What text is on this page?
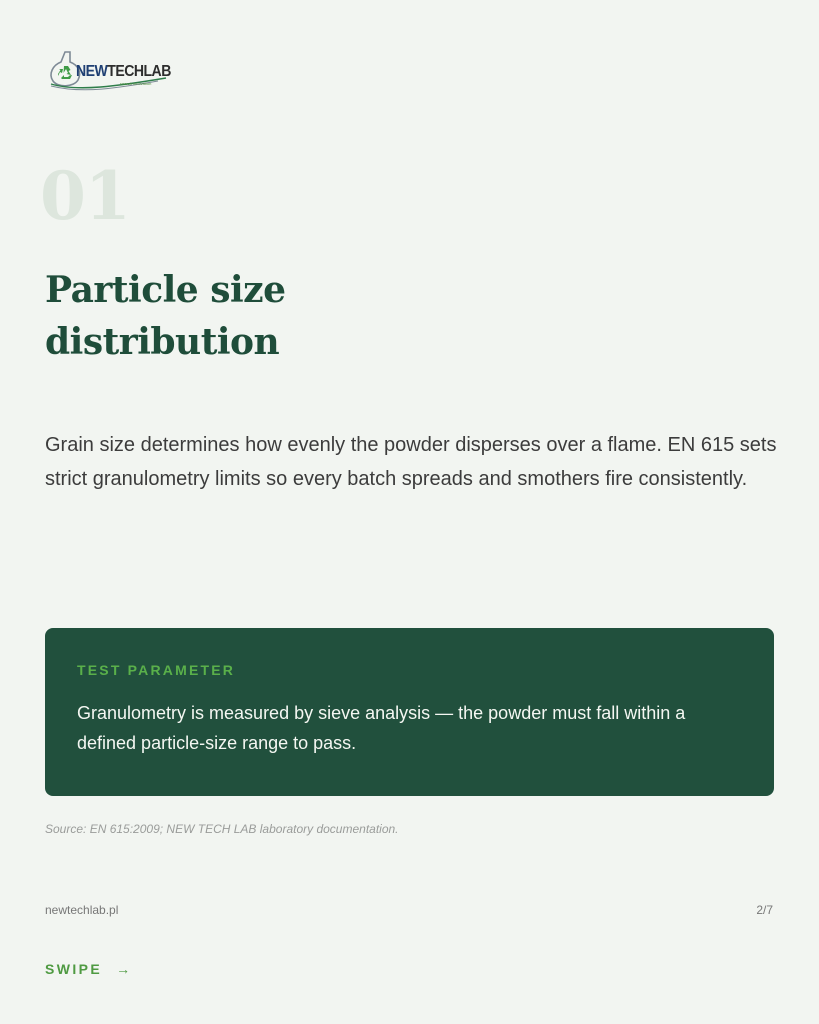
NEWTECHLAB
search innovation
01
Particle size
distribution

Grain size determines how evenly the powder disperses over a flame. EN 615 sets strict granulometry limits so every batch spreads and smothers fire consistently.

TEST PARAMETER
Granulometry is measured by sieve analysis — the powder must fall within a defined particle-size range to pass.
Source: EN 615:2009; NEW TECH LAB laboratory documentation.
newtechlab.pl	2/7
SWIPE →
